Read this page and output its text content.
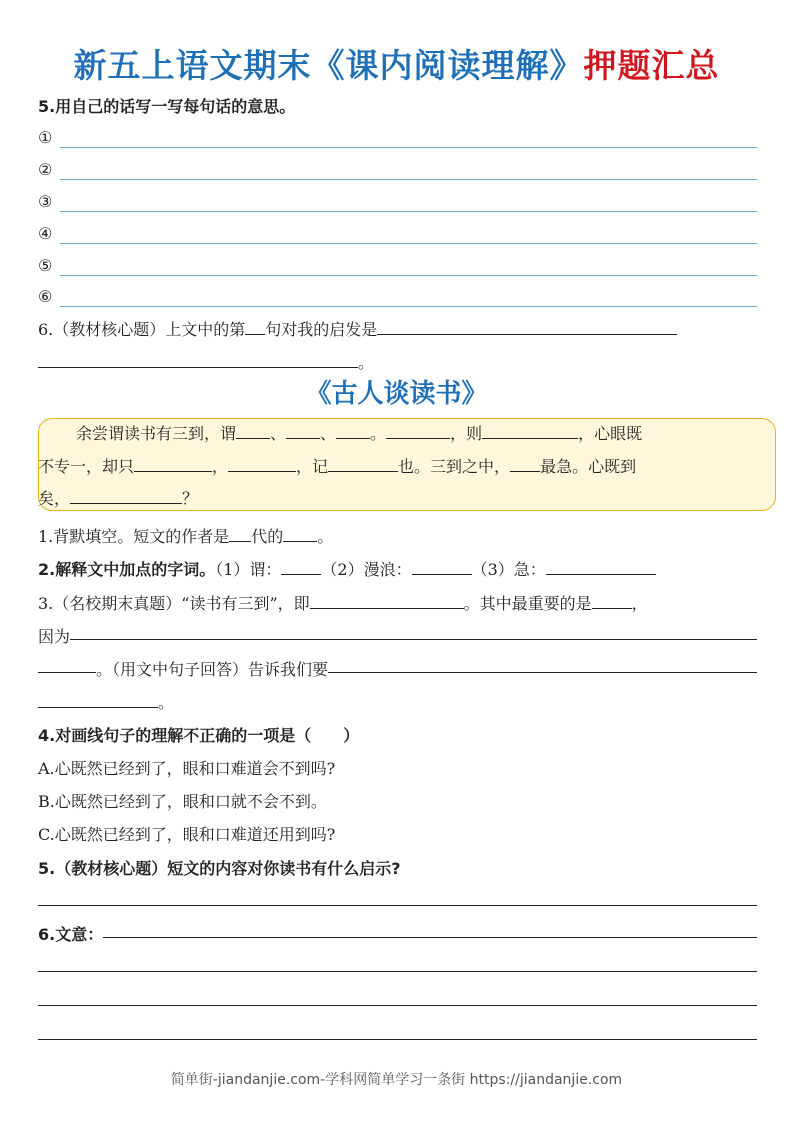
新五上语文期末《课内阅读理解》押题汇总
5.用自己的话写一写每句话的意思。
①
②
③
④
⑤
⑥
6.（教材核心题）上文中的第 句对我的启发是
。
《古人谈读书》
余尝谓读书有三到，谓 、 、 。	，则	，心眼既
不专一，却只	，	，记	也。三到之中， 最急。心既到
矣，	？
1.背默填空。短文的作者是 代的 。
2.解释文中加点的字词。（1）谓：	（2）漫浪：	（3）急：
3.（名校期末真题）“读书有三到”，即	。其中最重要的是	，
因为
。（用文中句子回答）告诉我们要
。
4.对画线句子的理解不正确的一项是（　　）
A.心既然已经到了，眼和口难道会不到吗?
B.心既然已经到了，眼和口就不会不到。
C.心既然已经到了，眼和口难道还用到吗?
5.（教材核心题）短文的内容对你读书有什么启示?
6.文意：
简单街-jiandanjie.com-学科网简单学习一条街 https://jiandanjie.com
